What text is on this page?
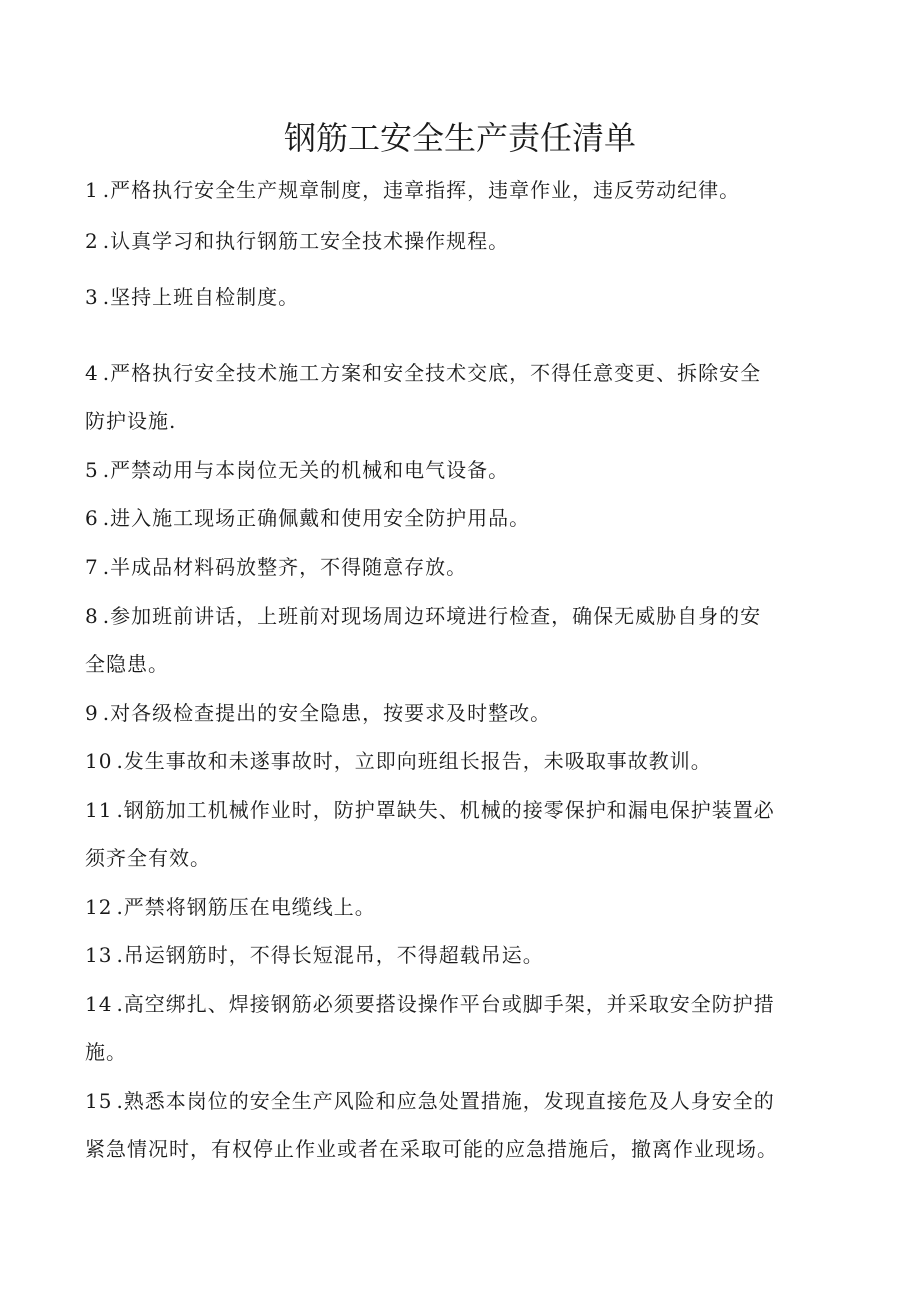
钢筋工安全生产责任清单
1 .严格执行安全生产规章制度，违章指挥，违章作业，违反劳动纪律。
2 .认真学习和执行钢筋工安全技术操作规程。
3 .坚持上班自检制度。
4 .严格执行安全技术施工方案和安全技术交底，不得任意变更、拆除安全
防护设施.
5 .严禁动用与本岗位无关的机械和电气设备。
6 .进入施工现场正确佩戴和使用安全防护用品。
7 .半成品材料码放整齐，不得随意存放。
8 .参加班前讲话，上班前对现场周边环境进行检查，确保无威胁自身的安
全隐患。
9 .对各级检查提出的安全隐患，按要求及时整改。
10 .发生事故和未遂事故时，立即向班组长报告，未吸取事故教训。
11 .钢筋加工机械作业时，防护罩缺失、机械的接零保护和漏电保护装置必
须齐全有效。
12 .严禁将钢筋压在电缆线上。
13 .吊运钢筋时，不得长短混吊，不得超载吊运。
14 .高空绑扎、焊接钢筋必须要搭设操作平台或脚手架，并采取安全防护措
施。
15 .熟悉本岗位的安全生产风险和应急处置措施，发现直接危及人身安全的
紧急情况时，有权停止作业或者在采取可能的应急措施后，撤离作业现场。
